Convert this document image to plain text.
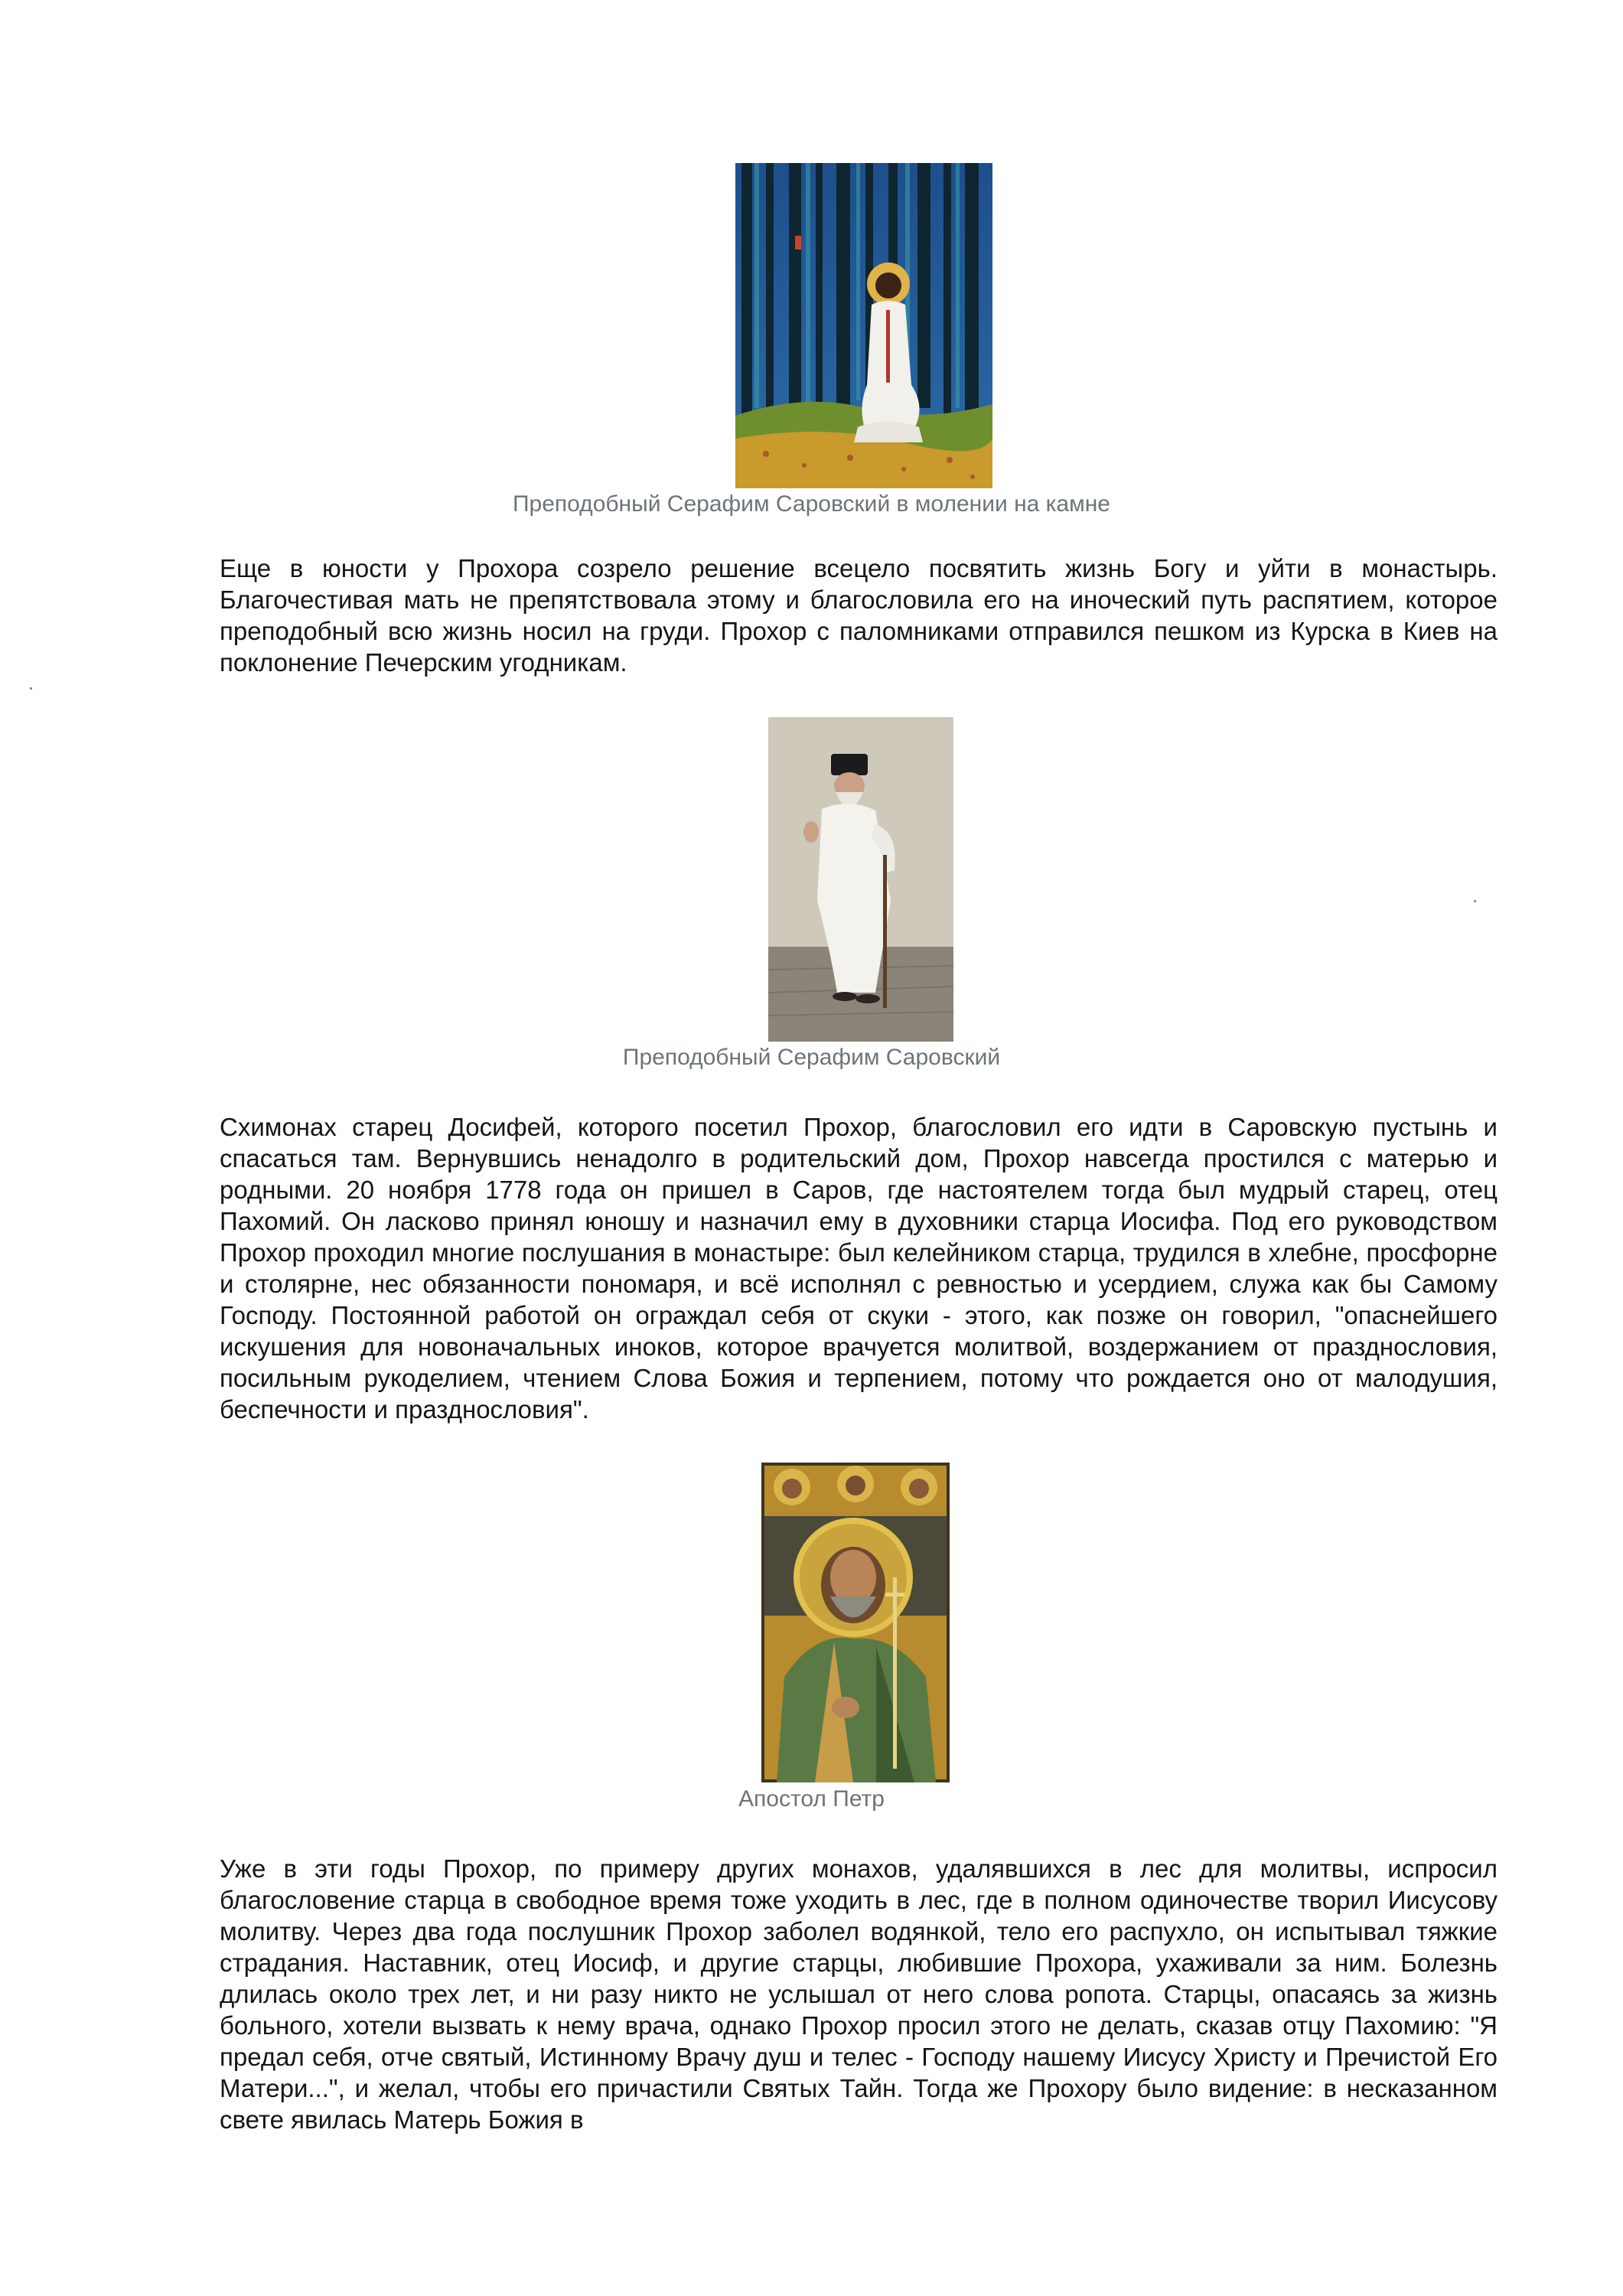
Преподобный Серафим Саровский в молении на камне
Еще в юности у Прохора созрело решение всецело посвятить жизнь Богу и уйти в монастырь. Благочестивая мать не препятствовала этому и благословила его на иноческий путь распятием, которое преподобный всю жизнь носил на груди. Прохор с паломниками отправился пешком из Курска в Киев на поклонение Печерским угодникам.
Преподобный Серафим Саровский
Схимонах старец Досифей, которого посетил Прохор, благословил его идти в Саровскую пустынь и спасаться там. Вернувшись ненадолго в родительский дом, Прохор навсегда простился с матерью и родными. 20 ноября 1778 года он пришел в Саров, где настоятелем тогда был мудрый старец, отец Пахомий. Он ласково принял юношу и назначил ему в духовники старца Иосифа. Под его руководством Прохор проходил многие послушания в монастыре: был келейником старца, трудился в хлебне, просфорне и столярне, нес обязанности пономаря, и всё исполнял с ревностью и усердием, служа как бы Самому Господу. Постоянной работой он ограждал себя от скуки - этого, как позже он говорил, "опаснейшего искушения для новоначальных иноков, которое врачуется молитвой, воздержанием от празднословия, посильным рукоделием, чтением Слова Божия и терпением, потому что рождается оно от малодушия, беспечности и празднословия".
Апостол Петр
Уже в эти годы Прохор, по примеру других монахов, удалявшихся в лес для молитвы, испросил благословение старца в свободное время тоже уходить в лес, где в полном одиночестве творил Иисусову молитву. Через два года послушник Прохор заболел водянкой, тело его распухло, он испытывал тяжкие страдания. Наставник, отец Иосиф, и другие старцы, любившие Прохора, ухаживали за ним. Болезнь длилась около трех лет, и ни разу никто не услышал от него слова ропота. Старцы, опасаясь за жизнь больного, хотели вызвать к нему врача, однако Прохор просил этого не делать, сказав отцу Пахомию: "Я предал себя, отче святый, Истинному Врачу душ и телес - Господу нашему Иисусу Христу и Пречистой Его Матери...", и желал, чтобы его причастили Святых Тайн. Тогда же Прохору было видение: в несказанном свете явилась Матерь Божия в
